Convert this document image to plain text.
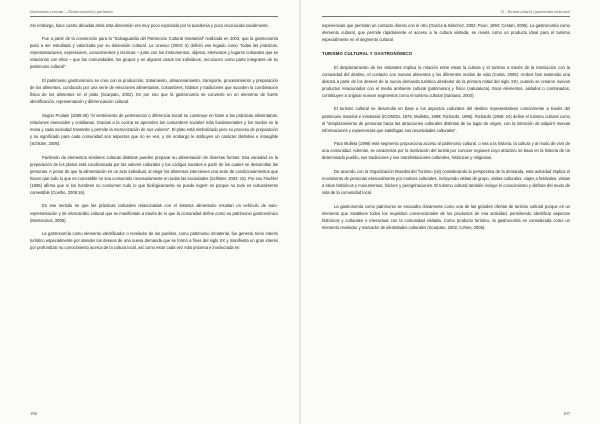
Gastronomía y turismo — Destino sensorial y patrimonio

Sin embargo, hace cuatro décadas atrás esta dimensión era muy poco explorada por la academia y poco reconocida socialmente.

Fue a partir de la convención para la “Salvaguardia del Patrimonio Cultural Inmaterial” realizada en 2003, que la gastronomía pasó a ser estudiada y valorizada por su dimensión cultural. La Unesco (2003: 5) definió ese legado como “todas las prácticas, representaciones, expresiones, conocimientos y técnicas – junto con los instrumentos, objetos, elementos y lugares culturales que se relacionan con ellos – que las comunidades, los grupos y en algunos casos los individuos, reconocen como parte integrante de su patrimonio cultural”.

El patrimonio gastronómico se crea con la producción, tratamiento, almacenamiento, transporte, procesamiento y preparación de los alimentos, conducido por una serie de elecciones alimentarias, costumbres, hábitos y tradiciones que suceden la combinación física de los alimentos en el plato (Scarpato, 2002). Es por eso que la gastronomía se convierte en un elemento de fuerte identificación, representación y diferenciación cultural.

Según Poulain (2008:46) “el sentimiento de pertenencia o diferencia social se construye en base a las prácticas alimentarias, relaciones esenciales y cotidianas. Gracias a la cocina se aprenden las costumbres sociales más fundamentales y los modos en la mesa y cada sociedad transmite y permite la memorización de sus valores”. El plato está simbolizado pero su proceso de preparación y su significado para cada comunidad son aspectos que no se ven, y sin embargo le atribuyen un carácter distintivo e intangible (Schlüter, 2006).

Partiendo de elementos similares culturas distintas pueden preparar su alimentación de diversas formas. Esa variedad en la preparación de los platos está condicionada por las valores culturales y los códigos sociales a partir de los cuales se desarrollan las personas. A pesar de que la alimentación es un acto individual, al elegir los alimentos intervienen una serie de condicionamientos que hacen que todo lo que es comestible no sea consumido necesariamente en todas las sociedades (Schlüter, 2003: 16). Por eso Fischler (1995) afirma que si los hombres no consumen todo lo que biológicamente se puede ingerir es porque no todo es culturalmente comestible (Coelho, 2009:19).

En ese sentido se que las prácticas culturales relacionadas con el sistema alimentario resultan un vehículo de auto-representación y de intercambio cultural que se manifiestan a través de lo que la comunidad define como su patrimonio gastronómico (Montecinos, 2006).

La gastronomía como elemento identificador o revelador de los pueblos, como patrimonio inmaterial, fue general, tiene interés turístico especialmente por atender los deseos de una nueva demanda que se formó a fines del siglo XX y manifiesta un gran interés por profundizar su conocimiento acerca de la cultura local, así como estar cada vez más próxima e involucrada en

196
12 – Turismo cultural y gastronomía tradicional

experiencias que permitan un contacto directo con el otro (García & Sánchez, 2002; Poon, 1994; Cestari, 2006). La gastronomía como elemento cultural, que permite rápidamente el acceso a la cultura visitada, se revela como un producto ideal para el turismo especialmente en el segmento cultural.

TURISMO CULTURAL Y GASTRONÓMICO

El desplazamiento de los visitantes implica la relación entre estas la cultura y el turismo a través de la interacción con la comunidad del destino, el contacto con nuevos alimentos y los diferentes modos de vida (Costa, 2005). Ambos han sostenido una alianza a partir de los deseos de la nueva demanda turística alrededor de la primera mitad del siglo XXI, cuando se crearon nuevos productos relacionados con el medio ambiente cultural (patrimonio) y físico (naturaleza). Esos elementos, aislados o combinados, contribuyen a originar nuevos segmentos como el turismo cultural (Santana, 2004).

El turismo cultural se desarrolla en base a los aspectos culturales del destino representativos comúnmente a través del patrimonio material e inmaterial (ICOMOS, 1976; Molletta, 1998; Richards, 1996). Richards (1996: 24) define el turismo cultural como el “desplazamiento de personas hacia las atracciones culturales distintas de su lugar de origen, con la intención de adquirir nuevas informaciones y experiencias que satisfagan sus necesidades culturales”.

Para Molleta (1998) este segmento proporciona acceso al patrimonio cultural, o sea a la historia, la cultura y al modo de vivir de una comunidad. Además, se caracteriza por la motivación del turista por conocer regiones cuyo atractivo se basa en la historia de un determinado pueblo, sus tradiciones y sus manifestaciones culturales, históricas y religiosas.

De acuerdo con la Organización Mundial del Turismo (oit) considerando la perspectiva de la demanda, esta actividad implica el movimiento de personas esencialmente por motivos culturales, incluyendo visitas de grupo, visitas culturales, viajes a festivales, visitas a sitios históricos y monumentos, folclore y peregrinaciones. El turismo cultural también incluye el conocimiento y disfrute del modo de vida de la comunidad local.

La gastronomía como patrimonio se encuadra claramente como una de las grandes ofertas de turismo cultural porque es un elemento que establece todos los requisitos convencionales de los productos de esa actividad, permitiendo identificar aspectos históricos y culturales e interactuar con la comunidad visitada. Como producto turístico, la gastronomía es considerada como un elemento revelador y marcador de identidades culturales (Scarpato, 2002; Cohen, 2006).

197
